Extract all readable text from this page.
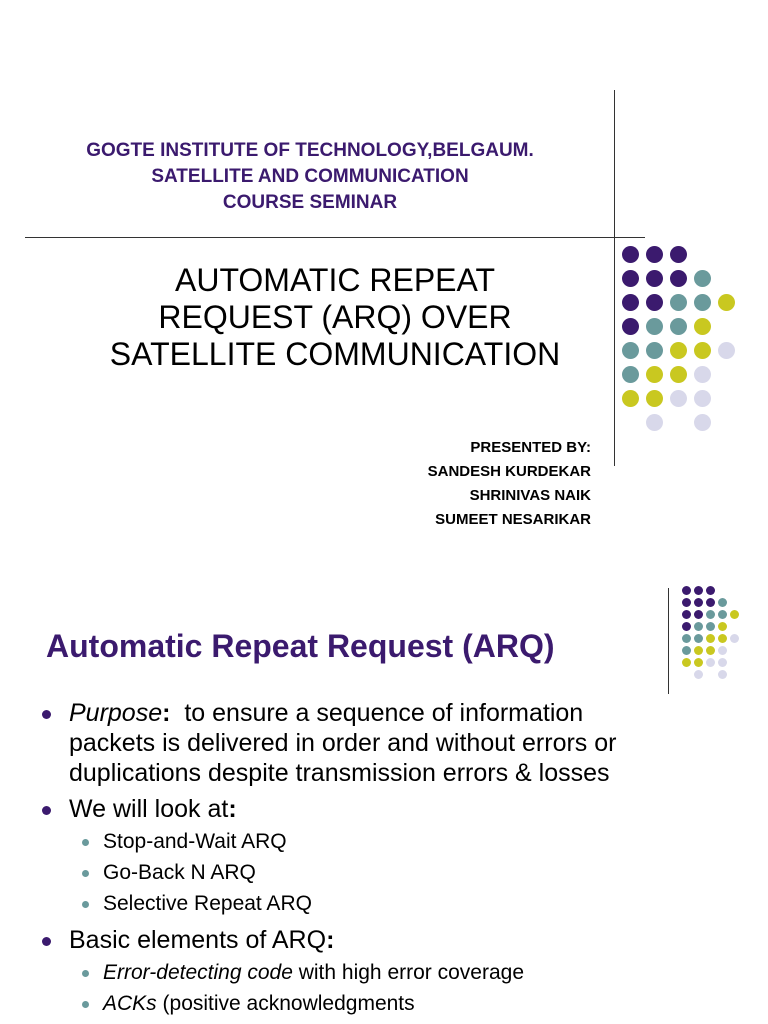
GOGTE INSTITUTE OF TECHNOLOGY,BELGAUM.
SATELLITE AND COMMUNICATION
COURSE SEMINAR
AUTOMATIC REPEAT
REQUEST (ARQ) OVER
SATELLITE COMMUNICATION
PRESENTED BY:
SANDESH KURDEKAR
SHRINIVAS NAIK
SUMEET NESARIKAR
Automatic Repeat Request (ARQ)
Purpose:  to ensure a sequence of information
packets is delivered in order and without errors or
duplications despite transmission errors & losses
We will look at:
Stop-and-Wait ARQ
Go-Back N ARQ
Selective Repeat ARQ
Basic elements of ARQ:
Error-detecting code with high error coverage
ACKs (positive acknowledgments
